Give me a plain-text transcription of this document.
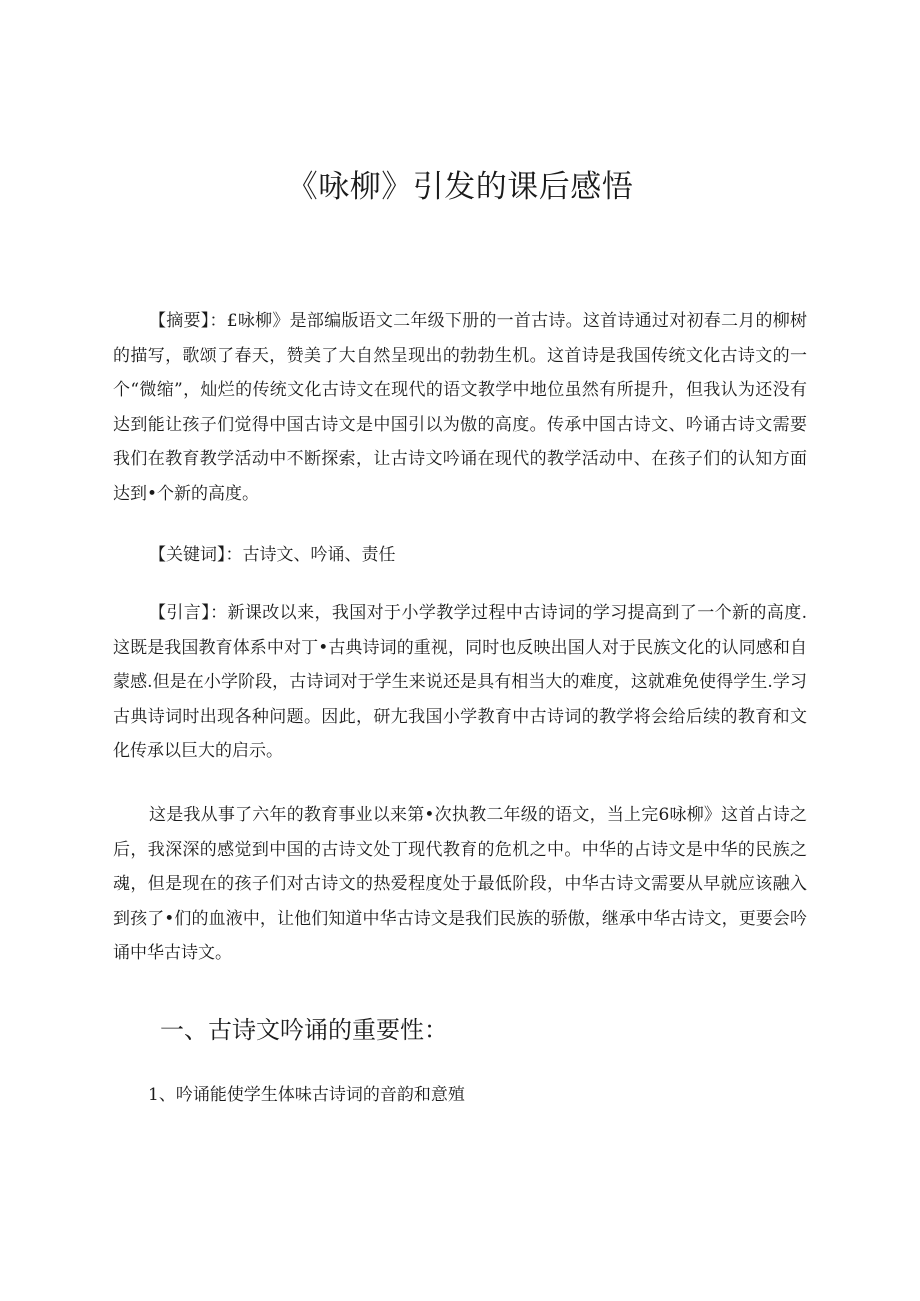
《咏柳》引发的课后感悟

【摘要】：£咏柳》是部编版语文二年级下册的一首古诗。这首诗通过对初春二月的柳树的描写，歌颂了春天，赞美了大自然呈现出的勃勃生机。这首诗是我国传统文化古诗文的一个“微缩”，灿烂的传统文化古诗文在现代的语文教学中地位虽然有所提升，但我认为还没有达到能让孩子们觉得中国古诗文是中国引以为傲的高度。传承中国古诗文、吟诵古诗文需要我们在教育教学活动中不断探索，让古诗文吟诵在现代的教学活动中、在孩子们的认知方面达到•个新的高度。

【关键词】：古诗文、吟诵、责任

【引言】：新课改以来，我国对于小学教学过程中古诗词的学习提高到了一个新的高度.这既是我国教育体系中对丁•古典诗词的重视，同时也反映出国人对于民族文化的认同感和自蒙感.但是在小学阶段，古诗词对于学生来说还是具有相当大的难度，这就难免使得学生.学习古典诗词时出现各种问题。因此，研尢我国小学教育中古诗词的教学将会给后续的教育和文化传承以巨大的启示。

这是我从事了六年的教育事业以来第•次执教二年级的语文，当上完6咏柳》这首占诗之后，我深深的感觉到中国的古诗文处丁现代教育的危机之中。中华的占诗文是中华的民族之魂，但是现在的孩子们对古诗文的热爱程度处于最低阶段，中华古诗文需要从早就应该融入到孩了•们的血液中，让他们知道中华古诗文是我们民族的骄傲，继承中华古诗文，更要会吟诵中华古诗文。

一、古诗文吟诵的重要性：

1、吟诵能使学生体味古诗词的音韵和意殖
